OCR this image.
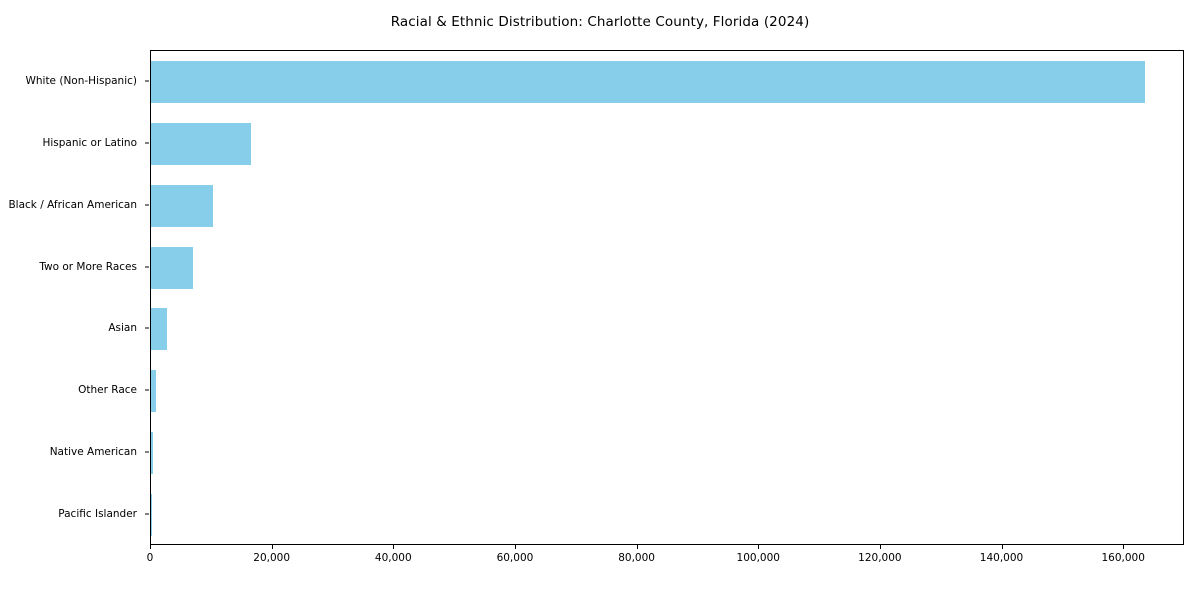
Racial & Ethnic Distribution: Charlotte County, Florida (2024)
White (Non-Hispanic)
Hispanic or Latino
Black / African American
Two or More Races
Asian
Other Race
Native American
Pacific Islander
0	20,000	40,000	60,000	80,000	100,000	120,000	140,000	160,000
